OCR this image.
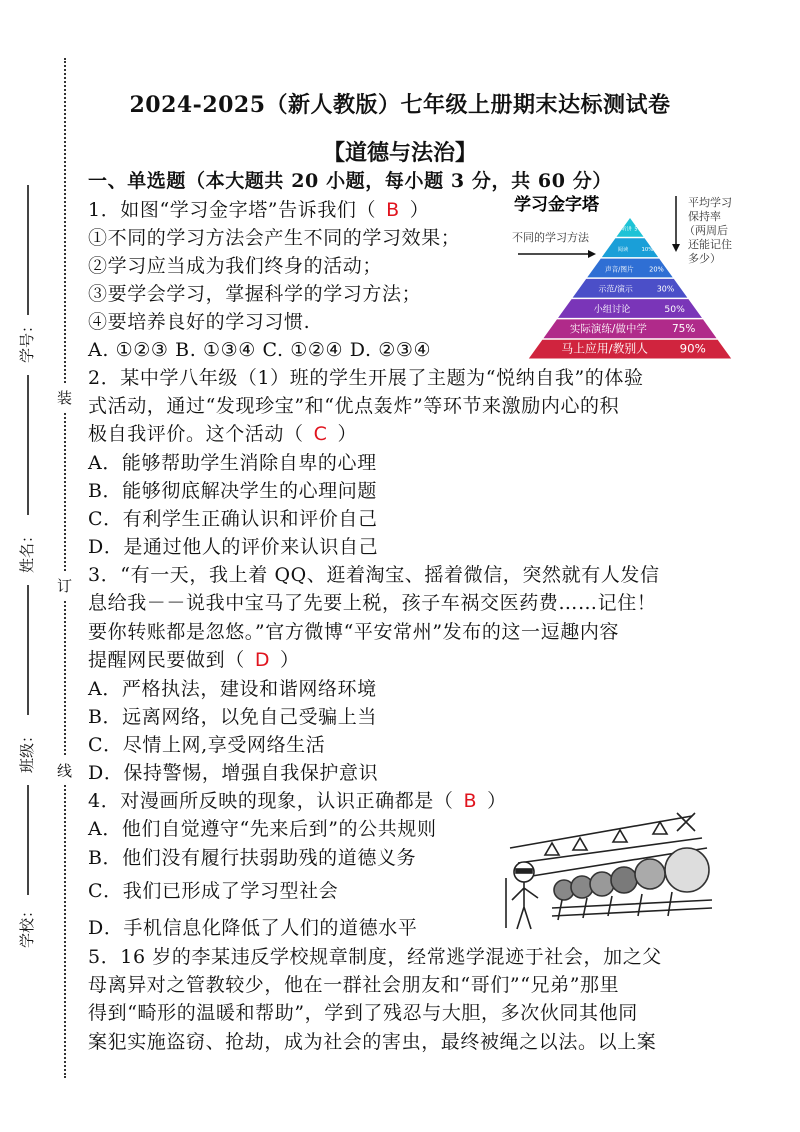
学号：
姓名：
班级：
学校：
装
订
线
2024-2025（新人教版）七年级上册期末达标测试卷
【道德与法治】
一、单选题（本大题共 20 小题，每小题 3 分，共 60 分）
1．如图“学习金字塔”告诉我们（ B ）
①不同的学习方法会产生不同的学习效果；
②学习应当成为我们终身的活动；
③要学会学习，掌握科学的学习方法；
④要培养良好的学习习惯.
A. ①②③ B. ①③④ C. ①②④ D. ②③④
学习金字塔
不同的学习方法
平均学习
保持率
（两周后
还能记住
多少）
听讲 5%
阅读	10%
声音/图片 20%
示范/演示	30%
小组讨论	50%
实际演练/做中学 75%
马上应用/教别人	90%
2．某中学八年级（1）班的学生开展了主题为“悦纳自我”的体验
式活动，通过“发现珍宝”和“优点轰炸”等环节来激励内心的积
极自我评价。这个活动（ C ）
A．能够帮助学生消除自卑的心理
B．能够彻底解决学生的心理问题
C．有利学生正确认识和评价自己
D．是通过他人的评价来认识自己
3．“有一天，我上着 QQ、逛着淘宝、摇着微信，突然就有人发信
息给我－－说我中宝马了先要上税，孩子车祸交医药费……记住！
要你转账都是忽悠。”官方微博“平安常州”发布的这一逗趣内容
提醒网民要做到（ D ）
A．严格执法，建设和谐网络环境
B．远离网络，以免自己受骗上当
C．尽情上网,享受网络生活
D．保持警惕，增强自我保护意识
4．对漫画所反映的现象，认识正确都是（ B ）
A．他们自觉遵守“先来后到”的公共规则
B．他们没有履行扶弱助残的道德义务
C．我们已形成了学习型社会
D．手机信息化降低了人们的道德水平
5．16 岁的李某违反学校规章制度，经常逃学混迹于社会，加之父
母离异对之管教较少，他在一群社会朋友和“哥们”“兄弟”那里
得到“畸形的温暖和帮助”，学到了残忍与大胆，多次伙同其他同
案犯实施盗窃、抢劫，成为社会的害虫，最终被绳之以法。以上案
